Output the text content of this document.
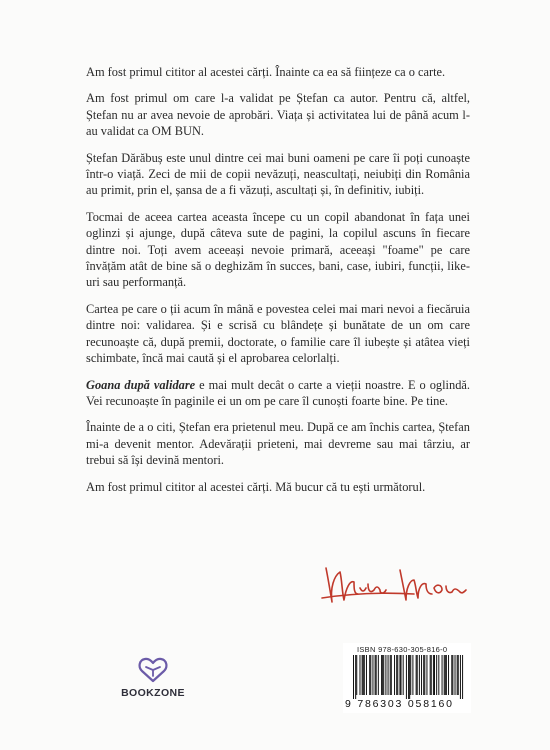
Am fost primul cititor al acestei cărți. Înainte ca ea să ființeze ca o carte.

Am fost primul om care l-a validat pe Ștefan ca autor. Pentru că, altfel, Ștefan nu ar avea nevoie de aprobări. Viața și activitatea lui de până acum l-au validat ca OM BUN.

Ștefan Dărăbuș este unul dintre cei mai buni oameni pe care îi poți cunoaște într-o viață. Zeci de mii de copii nevăzuți, neascultați, neiubiți din România au primit, prin el, șansa de a fi văzuți, ascultați și, în definitiv, iubiți.

Tocmai de aceea cartea aceasta începe cu un copil abandonat în fața unei oglinzi și ajunge, după câteva sute de pagini, la copilul ascuns în fiecare dintre noi. Toți avem aceeași nevoie primară, aceeași "foame" pe care învățăm atât de bine să o deghizăm în succes, bani, case, iubiri, funcții, like-uri sau performanță.

Cartea pe care o ții acum în mână e povestea celei mai mari nevoi a fiecăruia dintre noi: validarea. Și e scrisă cu blândețe și bunătate de un om care recunoaște că, după premii, doctorate, o familie care îl iubește și atâtea vieți schimbate, încă mai caută și el aprobarea celorlalți.

Goana după validare e mai mult decât o carte a vieții noastre. E o oglindă. Vei recunoaște în paginile ei un om pe care îl cunoști foarte bine. Pe tine.

Înainte de a o citi, Ștefan era prietenul meu. După ce am închis cartea, Ștefan mi-a devenit mentor. Adevărații prieteni, mai devreme sau mai târziu, ar trebui să își devină mentori.

Am fost primul cititor al acestei cărți. Mă bucur că tu ești următorul.

BOOKZONE
ISBN 978-630-305-816-0
9 786303 058160
